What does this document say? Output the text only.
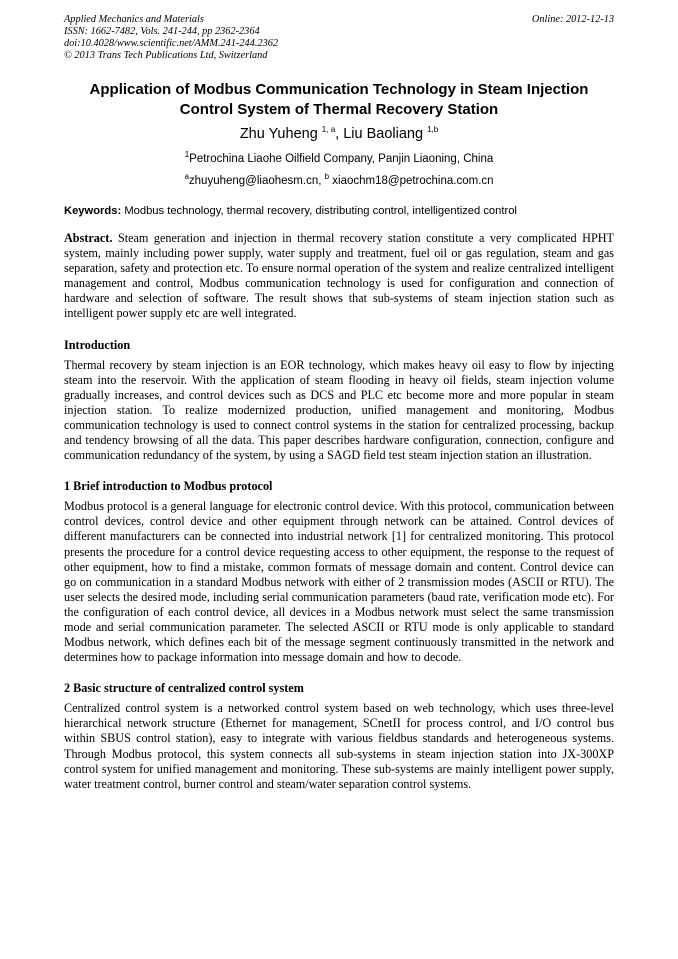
Applied Mechanics and Materials
ISSN: 1662-7482, Vols. 241-244, pp 2362-2364
doi:10.4028/www.scientific.net/AMM.241-244.2362
© 2013 Trans Tech Publications Ltd, Switzerland
Online: 2012-12-13
Application of Modbus Communication Technology in Steam Injection
Control System of Thermal Recovery Station
Zhu Yuheng $^{1, a}$, Liu Baoliang $^{1,b}$
$^1$Petrochina Liaohe Oilfield Company, Panjin Liaoning, China
$^a$zhuyuheng@liaohesm.cn, $^b$ xiaochm18@petrochina.com.cn
Keywords: Modbus technology, thermal recovery, distributing control, intelligentized control

Abstract. Steam generation and injection in thermal recovery station constitute a very complicated HPHT system, mainly including power supply, water supply and treatment, fuel oil or gas regulation, steam and gas separation, safety and protection etc. To ensure normal operation of the system and realize centralized intelligent management and control, Modbus communication technology is used for configuration and connection of hardware and selection of software. The result shows that sub-systems of steam injection station such as intelligent power supply etc are well integrated.

Introduction

Thermal recovery by steam injection is an EOR technology, which makes heavy oil easy to flow by injecting steam into the reservoir. With the application of steam flooding in heavy oil fields, steam injection volume gradually increases, and control devices such as DCS and PLC etc become more and more popular in steam injection station. To realize modernized production, unified management and monitoring, Modbus communication technology is used to connect control systems in the station for centralized processing, backup and tendency browsing of all the data. This paper describes hardware configuration, connection, configure and communication redundancy of the system, by using a SAGD field test steam injection station an illustration.

1 Brief introduction to Modbus protocol

Modbus protocol is a general language for electronic control device. With this protocol, communication between control devices, control device and other equipment through network can be attained. Control devices of different manufacturers can be connected into industrial network [1] for centralized monitoring. This protocol presents the procedure for a control device requesting access to other equipment, the response to the request of other equipment, how to find a mistake, common formats of message domain and content. Control device can go on communication in a standard Modbus network with either of 2 transmission modes (ASCII or RTU). The user selects the desired mode, including serial communication parameters (baud rate, verification mode etc). For the configuration of each control device, all devices in a Modbus network must select the same transmission mode and serial communication parameter. The selected ASCII or RTU mode is only applicable to standard Modbus network, which defines each bit of the message segment continuously transmitted in the network and determines how to package information into message domain and how to decode.

2 Basic structure of centralized control system

Centralized control system is a networked control system based on web technology, which uses three-level hierarchical network structure (Ethernet for management, SCnetII for process control, and I/O control bus within SBUS control station), easy to integrate with various fieldbus standards and heterogeneous systems. Through Modbus protocol, this system connects all sub-systems in steam injection station into JX-300XP control system for unified management and monitoring. These sub-systems are mainly intelligent power supply, water treatment control, burner control and steam/water separation control systems.
